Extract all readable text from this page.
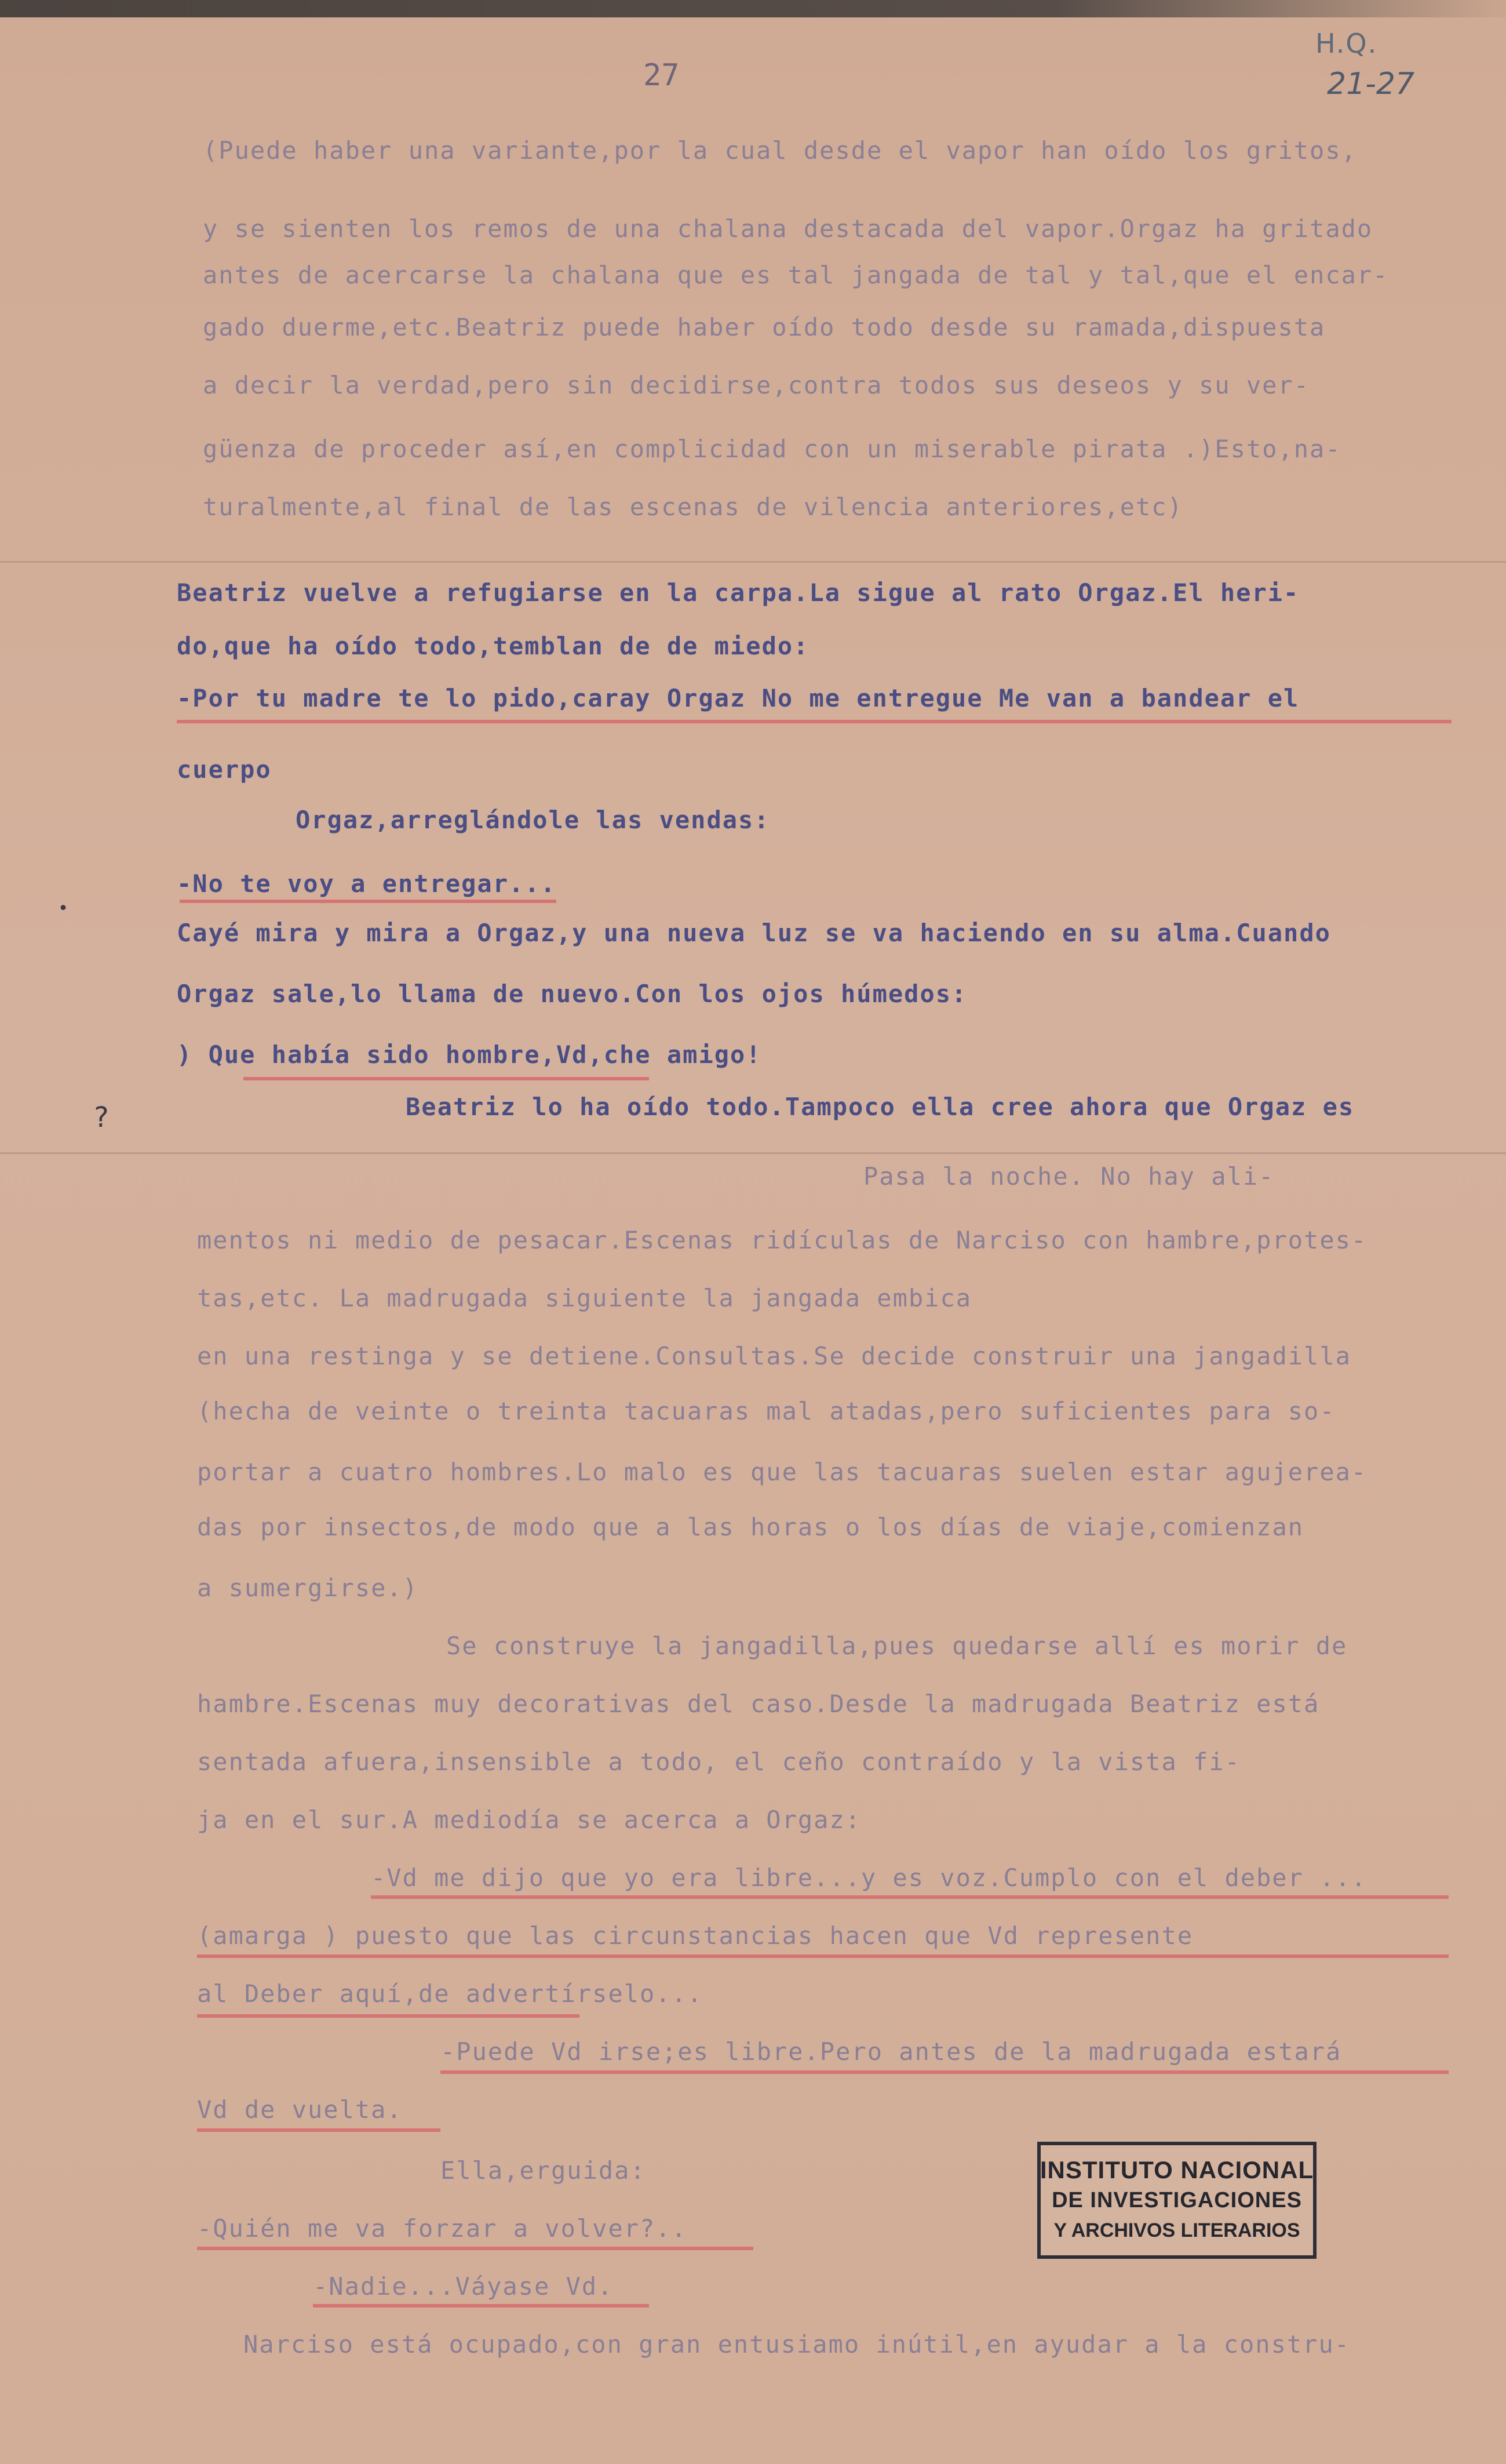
27
H.Q.
21-27
(Puede haber una variante,por la cual desde el vapor han oído los gritos,
y se sienten los remos de una chalana destacada del vapor.Orgaz ha gritado
antes de acercarse la chalana que es tal jangada de tal y tal,que el encar-
gado duerme,etc.Beatriz puede haber oído todo desde su ramada,dispuesta
a decir la verdad,pero sin decidirse,contra todos sus deseos y su ver-
güenza de proceder así,en complicidad con un miserable pirata .)Esto,na-
turalmente,al final de las escenas de vilencia anteriores,etc)
Beatriz vuelve a refugiarse en la carpa.La sigue al rato Orgaz.El heri-
do,que ha oído todo,temblan de de miedo:
-Por tu madre te lo pido,caray Orgaz No me entregue Me van a bandear el
cuerpo
Orgaz,arreglándole las vendas:
-No te voy a entregar...
Cayé mira y mira a Orgaz,y una nueva luz se va haciendo en su alma.Cuando
Orgaz sale,lo llama de nuevo.Con los ojos húmedos:
) Que había sido hombre,Vd,che amigo!
Beatriz lo ha oído todo.Tampoco ella cree ahora que Orgaz es
Pasa la noche. No hay ali-
mentos ni medio de pesacar.Escenas ridículas de Narciso con hambre,protes-
tas,etc. La madrugada siguiente la jangada embica
en una restinga y se detiene.Consultas.Se decide construir una jangadilla
(hecha de veinte o treinta tacuaras mal atadas,pero suficientes para so-
portar a cuatro hombres.Lo malo es que las tacuaras suelen estar agujerea-
das por insectos,de modo que a las horas o los días de viaje,comienzan
a sumergirse.)
Se construye la jangadilla,pues quedarse allí es morir de
hambre.Escenas muy decorativas del caso.Desde la madrugada Beatriz está
sentada afuera,insensible a todo, el ceño contraído y la vista fi-
ja en el sur.A mediodía se acerca a Orgaz:
-Vd me dijo que yo era libre...y es voz.Cumplo con el deber ...
(amarga ) puesto que las circunstancias hacen que Vd represente
al Deber aquí,de advertírselo...
-Puede Vd irse;es libre.Pero antes de la madrugada estará
Vd de vuelta.
Ella,erguida:
-Quién me va forzar a volver?..
-Nadie...Váyase Vd.
Narciso está ocupado,con gran entusiamo inútil,en ayudar a la constru-
?
•
INSTITUTO NACIONAL
DE INVESTIGACIONES
Y ARCHIVOS LITERARIOS
